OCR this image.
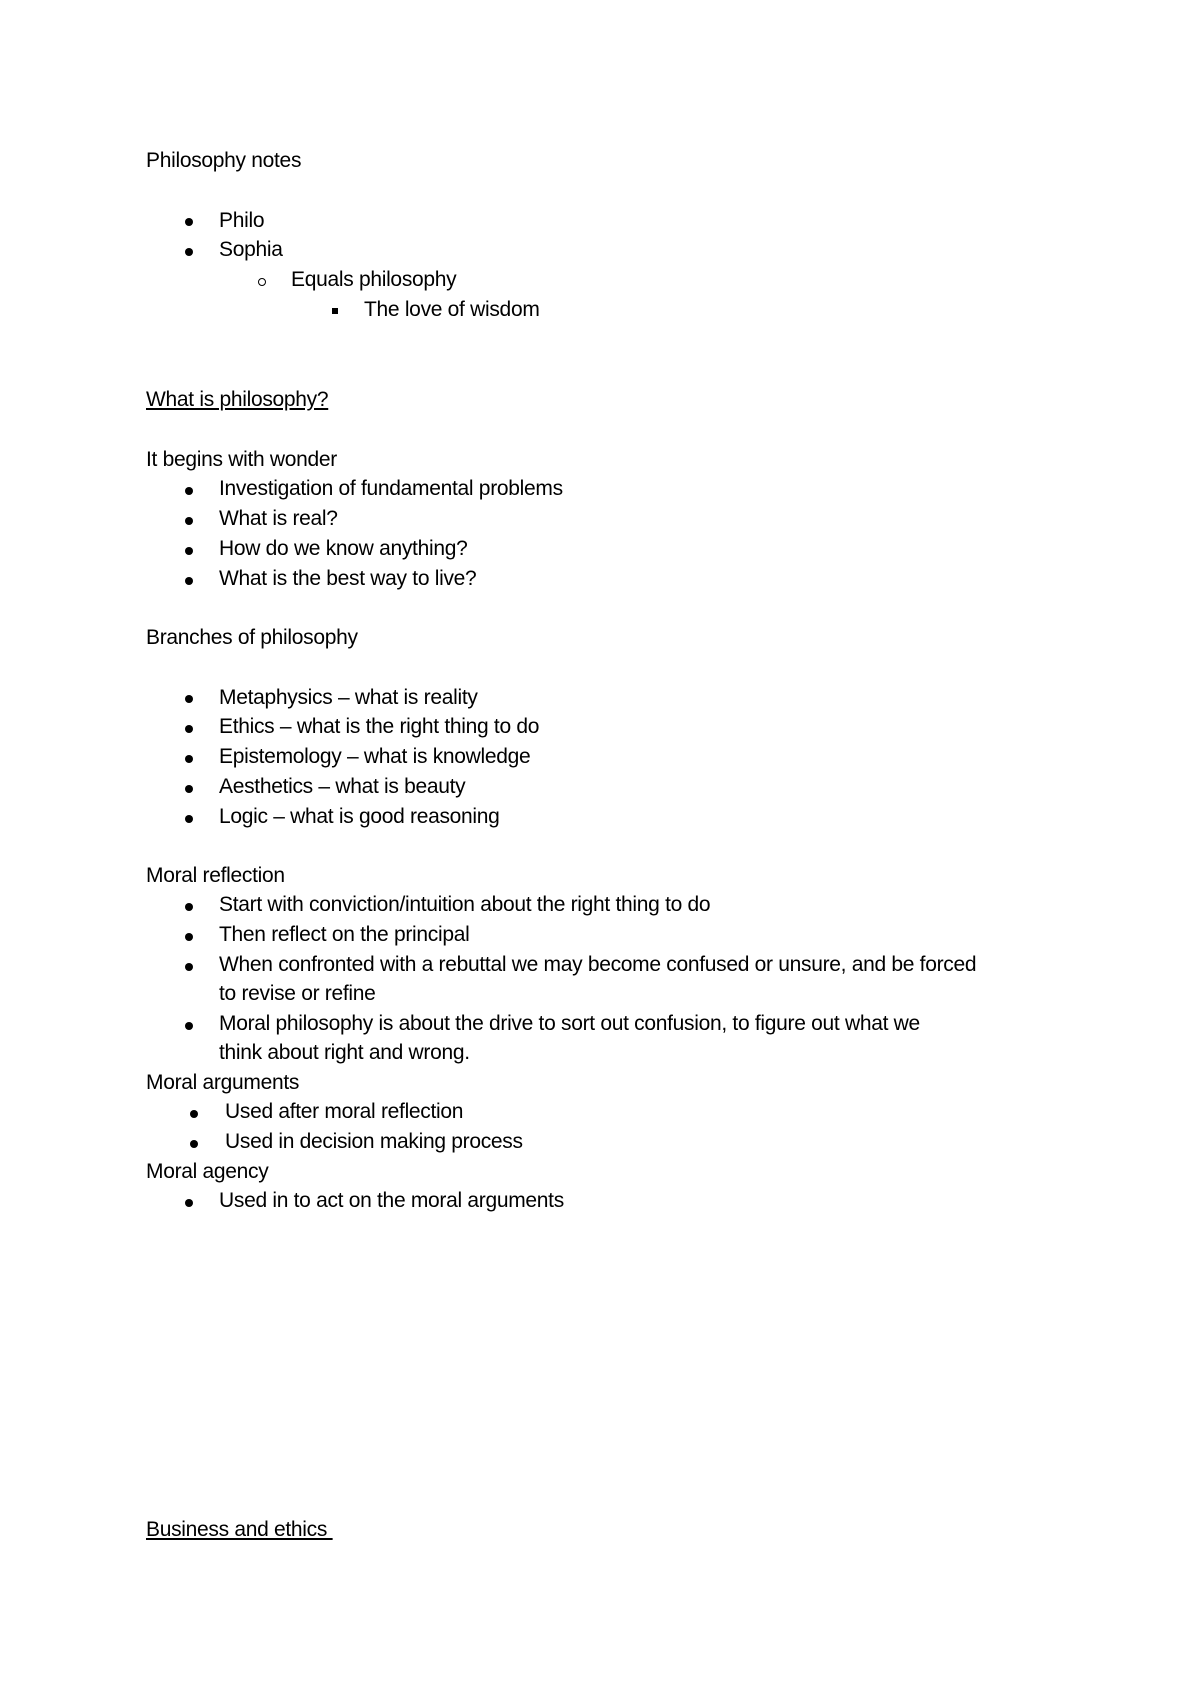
Philosophy notes
Philo
Sophia
Equals philosophy
The love of wisdom
What is philosophy?
It begins with wonder
Investigation of fundamental problems
What is real?
How do we know anything?
What is the best way to live?
Branches of philosophy
Metaphysics – what is reality
Ethics – what is the right thing to do
Epistemology – what is knowledge
Aesthetics – what is beauty
Logic – what is good reasoning
Moral reflection
Start with conviction/intuition about the right thing to do
Then reflect on the principal
When confronted with a rebuttal we may become confused or unsure, and be forced
to revise or refine
Moral philosophy is about the drive to sort out confusion, to figure out what we
think about right and wrong.
Moral arguments
Used after moral reflection
Used in decision making process
Moral agency
Used in to act on the moral arguments
Business and ethics
